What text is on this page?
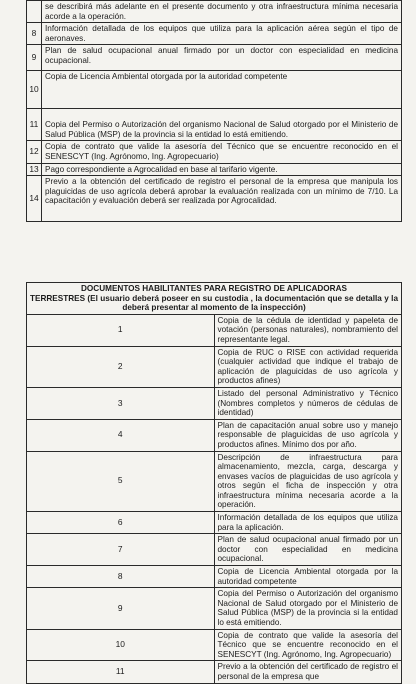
	se describirá más adelante en el presente documento y otra infraestructura mínima necesaria acorde a la operación.
8	Información detallada de los equipos que utiliza para la aplicación aérea según el tipo de aeronaves.
9	Plan de salud ocupacional anual firmado por un doctor con especialidad en medicina ocupacional.
10	Copia de Licencia Ambiental otorgada por la autoridad competente
11	Copia del Permiso o Autorización del organismo Nacional de Salud otorgado por el Ministerio de Salud Pública (MSP) de la provincia si la entidad lo está emitiendo.
12	Copia de contrato que valide la asesoría del Técnico que se encuentre reconocido en el SENESCYT (Ing. Agrónomo, Ing. Agropecuario)
13	Pago correspondiente a Agrocalidad en base al tarifario vigente.
14	Previo a la obtención del certificado de registro el personal de la empresa que manipula los plaguicidas de uso agrícola deberá aprobar la evaluación realizada con un mínimo de 7/10. La capacitación y evaluación deberá ser realizada por Agrocalidad.
DOCUMENTOS HABILITANTES PARA REGISTRO DE APLICADORAS
TERRESTRES (El usuario deberá poseer en su custodia , la documentación que se detalla y la deberá presentar al momento de la inspección)	

1	Copia de la cédula de identidad y papeleta de votación (personas naturales), nombramiento del representante legal.
2	Copia de RUC o RISE con actividad requerida (cualquier actividad que indique el trabajo de aplicación de plaguicidas de uso agrícola y productos afines)
3	Listado del personal Administrativo y Técnico (Nombres completos y números de cédulas de identidad)
4	Plan de capacitación anual sobre uso y manejo responsable de plaguicidas de uso agrícola y productos afines. Mínimo dos por año.
5	Descripción de infraestructura para almacenamiento, mezcla, carga, descarga y envases vacíos de plaguicidas de uso agrícola y otros según el ficha de inspección y otra infraestructura mínima necesaria acorde a la operación.
6	Información detallada de los equipos que utiliza para la aplicación.
7	Plan de salud ocupacional anual firmado por un doctor con especialidad en medicina ocupacional.
8	Copia de Licencia Ambiental otorgada por la autoridad competente
9	Copia del Permiso o Autorización del organismo Nacional de Salud otorgado por el Ministerio de Salud Pública (MSP) de la provincia si la entidad lo está emitiendo.
10	Copia de contrato que valide la asesoría del Técnico que se encuentre reconocido en el SENESCYT (Ing. Agrónomo, Ing. Agropecuario)
11	Previo a la obtención del certificado de registro el personal de la empresa que
